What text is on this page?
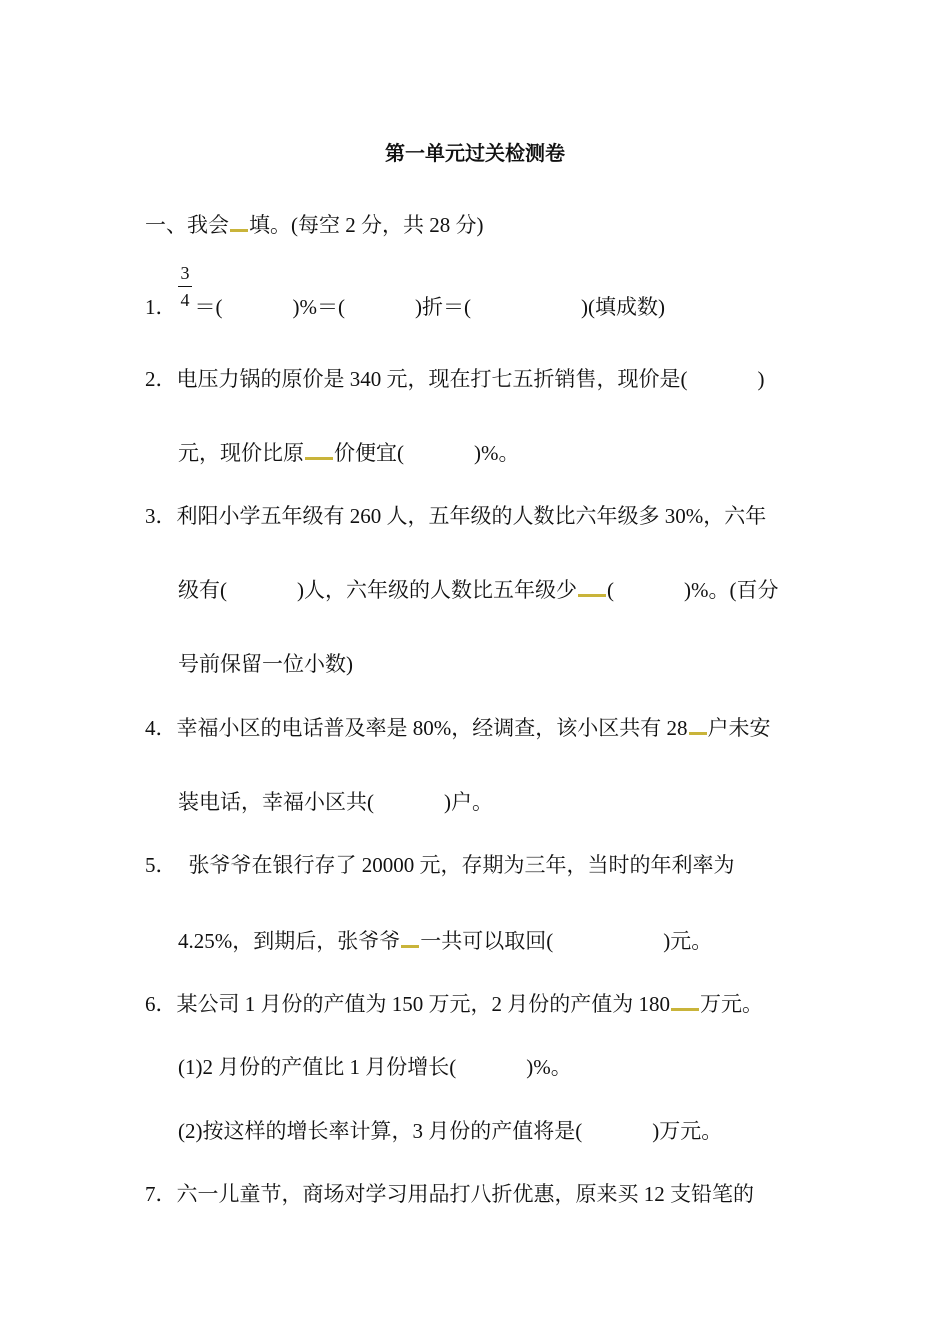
第一单元过关检测卷
一、我会 填。(每空 2 分，共 28 分)
3
4
1． ＝(	)%＝(	)折＝(	)(填成数)
2．电压力锅的原价是 340 元，现在打七五折销售，现价是(	)
元，现价比原 价便宜(	)%。
3．利阳小学五年级有 260 人，五年级的人数比六年级多 30%，六年
级有(	)人，六年级的人数比五年级少 (	)%。(百分
号前保留一位小数)
4．幸福小区的电话普及率是 80%，经调查，该小区共有 28 户未安
装电话，幸福小区共(	)户。
5． 张爷爷在银行存了 20000 元，存期为三年，当时的年利率为
4.25%，到期后，张爷爷 一共可以取回(	)元。
6．某公司 1 月份的产值为 150 万元，2 月份的产值为 180 万元。
(1)2 月份的产值比 1 月份增长(	)%。
(2)按这样的增长率计算，3 月份的产值将是(	)万元。
7．六一儿童节，商场对学习用品打八折优惠，原来买 12 支铅笔的
